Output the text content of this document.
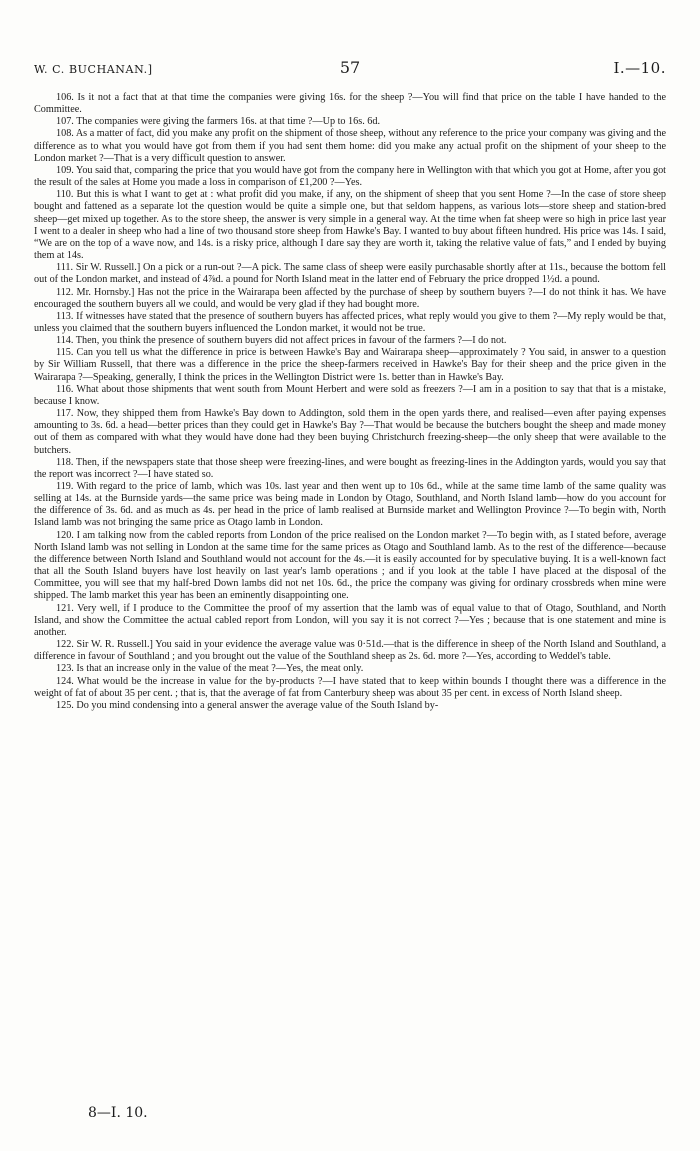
W. C. BUCHANAN.]	57	I.—10.

106. Is it not a fact that at that time the companies were giving 16s. for the sheep ?—You will find that price on the table I have handed to the Committee.

107. The companies were giving the farmers 16s. at that time ?—Up to 16s. 6d.

108. As a matter of fact, did you make any profit on the shipment of those sheep, without any reference to the price your company was giving and the difference as to what you would have got from them if you had sent them home: did you make any actual profit on the shipment of your sheep to the London market ?—That is a very difficult question to answer.

109. You said that, comparing the price that you would have got from the company here in Wellington with that which you got at Home, after you got the result of the sales at Home you made a loss in comparison of £1,200 ?—Yes.

110. But this is what I want to get at : what profit did you make, if any, on the shipment of sheep that you sent Home ?—In the case of store sheep bought and fattened as a separate lot the question would be quite a simple one, but that seldom happens, as various lots—store sheep and station-bred sheep—get mixed up together. As to the store sheep, the answer is very simple in a general way. At the time when fat sheep were so high in price last year I went to a dealer in sheep who had a line of two thousand store sheep from Hawke's Bay. I wanted to buy about fifteen hundred. His price was 14s. I said, “We are on the top of a wave now, and 14s. is a risky price, although I dare say they are worth it, taking the relative value of fats,” and I ended by buying them at 14s.

111. Sir W. Russell.] On a pick or a run-out ?—A pick. The same class of sheep were easily purchasable shortly after at 11s., because the bottom fell out of the London market, and instead of 4⅞d. a pound for North Island meat in the latter end of February the price dropped 1½d. a pound.

112. Mr. Hornsby.] Has not the price in the Wairarapa been affected by the purchase of sheep by southern buyers ?—I do not think it has. We have encouraged the southern buyers all we could, and would be very glad if they had bought more.

113. If witnesses have stated that the presence of southern buyers has affected prices, what reply would you give to them ?—My reply would be that, unless you claimed that the southern buyers influenced the London market, it would not be true.

114. Then, you think the presence of southern buyers did not affect prices in favour of the farmers ?—I do not.

115. Can you tell us what the difference in price is between Hawke's Bay and Wairarapa sheep—approximately ? You said, in answer to a question by Sir William Russell, that there was a difference in the price the sheep-farmers received in Hawke's Bay for their sheep and the price given in the Wairarapa ?—Speaking, generally, I think the prices in the Wellington District were 1s. better than in Hawke's Bay.

116. What about those shipments that went south from Mount Herbert and were sold as freezers ?—I am in a position to say that that is a mistake, because I know.

117. Now, they shipped them from Hawke's Bay down to Addington, sold them in the open yards there, and realised—even after paying expenses amounting to 3s. 6d. a head—better prices than they could get in Hawke's Bay ?—That would be because the butchers bought the sheep and made money out of them as compared with what they would have done had they been buying Christchurch freezing-sheep—the only sheep that were available to the butchers.

118. Then, if the newspapers state that those sheep were freezing-lines, and were bought as freezing-lines in the Addington yards, would you say that the report was incorrect ?—I have stated so.

119. With regard to the price of lamb, which was 10s. last year and then went up to 10s 6d., while at the same time lamb of the same quality was selling at 14s. at the Burnside yards—the same price was being made in London by Otago, Southland, and North Island lamb—how do you account for the difference of 3s. 6d. and as much as 4s. per head in the price of lamb realised at Burnside market and Wellington Province ?—To begin with, North Island lamb was not bringing the same price as Otago lamb in London.

120. I am talking now from the cabled reports from London of the price realised on the London market ?—To begin with, as I stated before, average North Island lamb was not selling in London at the same time for the same prices as Otago and Southland lamb. As to the rest of the difference—because the difference between North Island and Southland would not account for the 4s.—it is easily accounted for by speculative buying. It is a well-known fact that all the South Island buyers have lost heavily on last year's lamb operations ; and if you look at the table I have placed at the disposal of the Committee, you will see that my half-bred Down lambs did not net 10s. 6d., the price the company was giving for ordinary crossbreds when mine were shipped. The lamb market this year has been an eminently disappointing one.

121. Very well, if I produce to the Committee the proof of my assertion that the lamb was of equal value to that of Otago, Southland, and North Island, and show the Committee the actual cabled report from London, will you say it is not correct ?—Yes ; because that is one statement and mine is another.

122. Sir W. R. Russell.] You said in your evidence the average value was 0·51d.—that is the difference in sheep of the North Island and Southland, a difference in favour of Southland ; and you brought out the value of the Southland sheep as 2s. 6d. more ?—Yes, according to Weddel's table.

123. Is that an increase only in the value of the meat ?—Yes, the meat only.

124. What would be the increase in value for the by-products ?—I have stated that to keep within bounds I thought there was a difference in the weight of fat of about 35 per cent. ; that is, that the average of fat from Canterbury sheep was about 35 per cent. in excess of North Island sheep.

125. Do you mind condensing into a general answer the average value of the South Island by-

8—I. 10.
